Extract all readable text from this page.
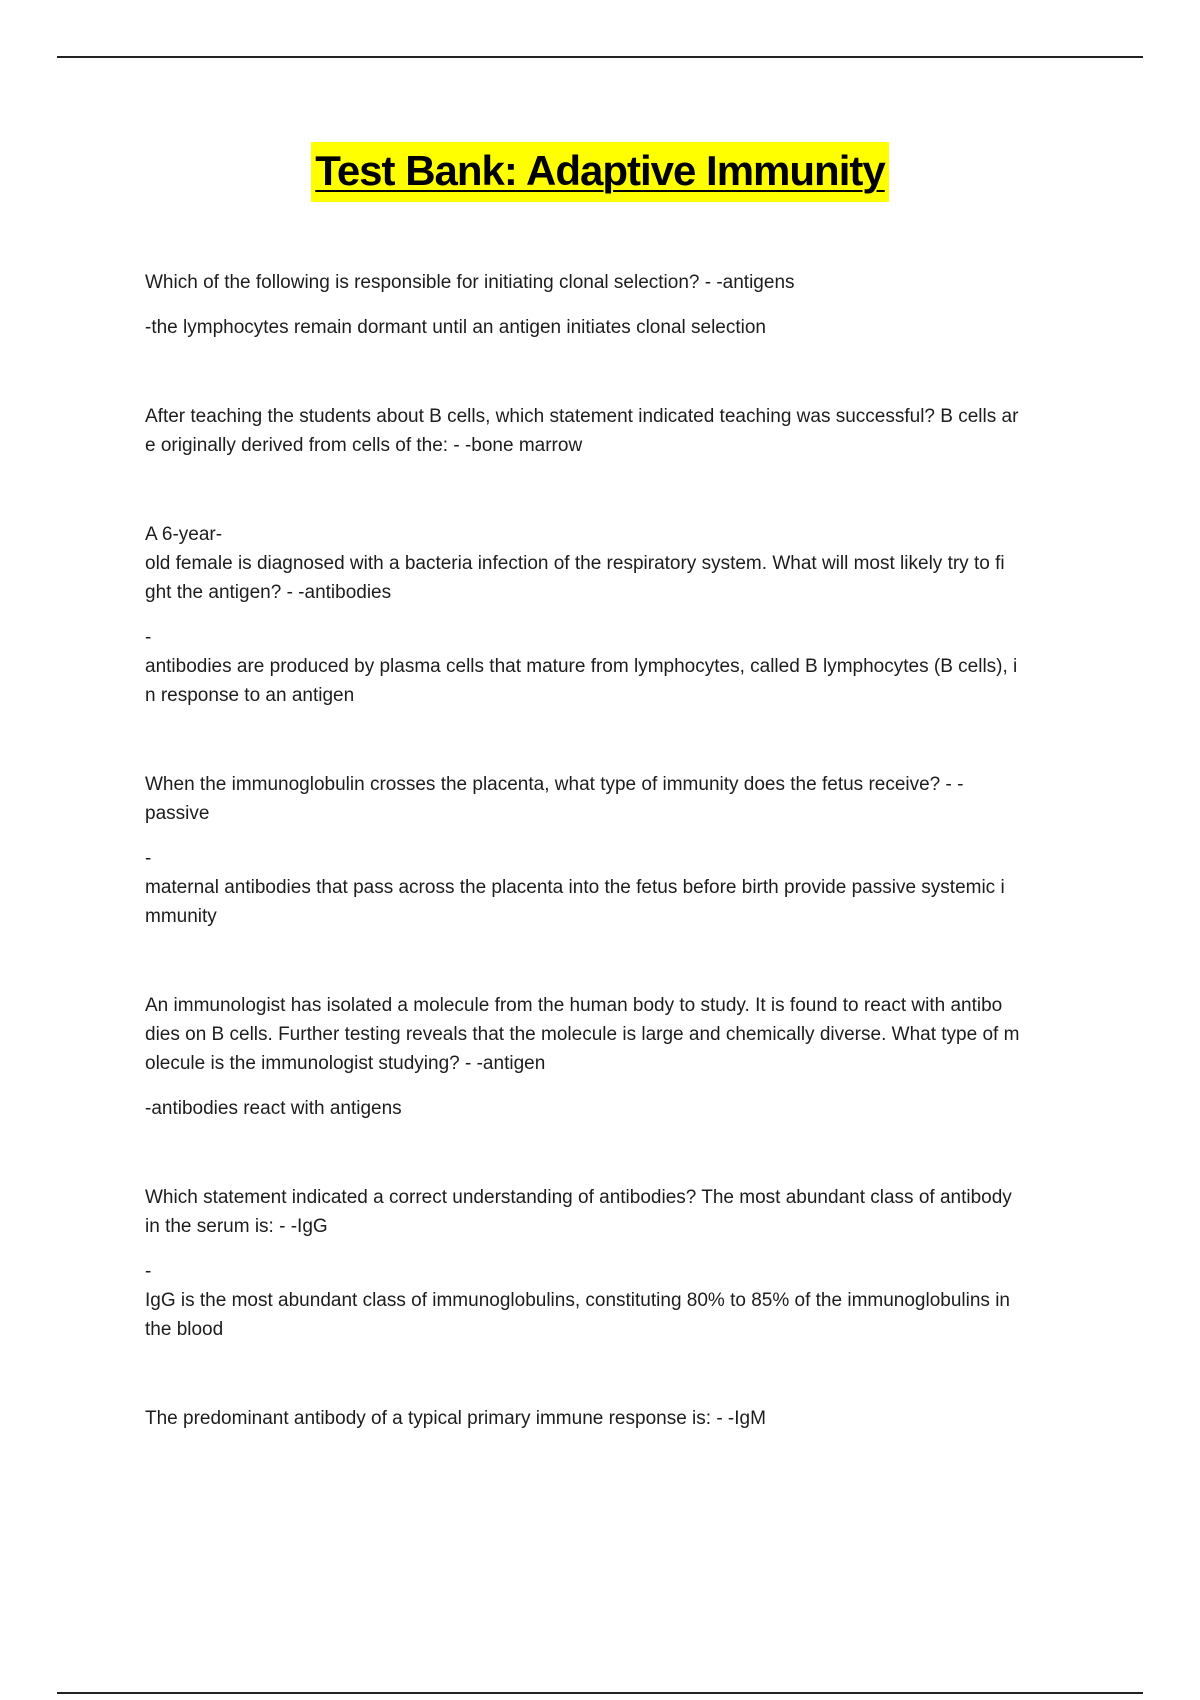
Test Bank: Adaptive Immunity
Which of the following is responsible for initiating clonal selection? - -antigens
-the lymphocytes remain dormant until an antigen initiates clonal selection
After teaching the students about B cells, which statement indicated teaching was successful? B cells ar
e originally derived from cells of the: - -bone marrow
A 6-year-
old female is diagnosed with a bacteria infection of the respiratory system. What will most likely try to fi
ght the antigen? - -antibodies
-
antibodies are produced by plasma cells that mature from lymphocytes, called B lymphocytes (B cells), i
n response to an antigen
When the immunoglobulin crosses the placenta, what type of immunity does the fetus receive? - -
passive
-
maternal antibodies that pass across the placenta into the fetus before birth provide passive systemic i
mmunity
An immunologist has isolated a molecule from the human body to study. It is found to react with antibo
dies on B cells. Further testing reveals that the molecule is large and chemically diverse. What type of m
olecule is the immunologist studying? - -antigen
-antibodies react with antigens
Which statement indicated a correct understanding of antibodies? The most abundant class of antibody
in the serum is: - -IgG
-
IgG is the most abundant class of immunoglobulins, constituting 80% to 85% of the immunoglobulins in
the blood
The predominant antibody of a typical primary immune response is: - -IgM
